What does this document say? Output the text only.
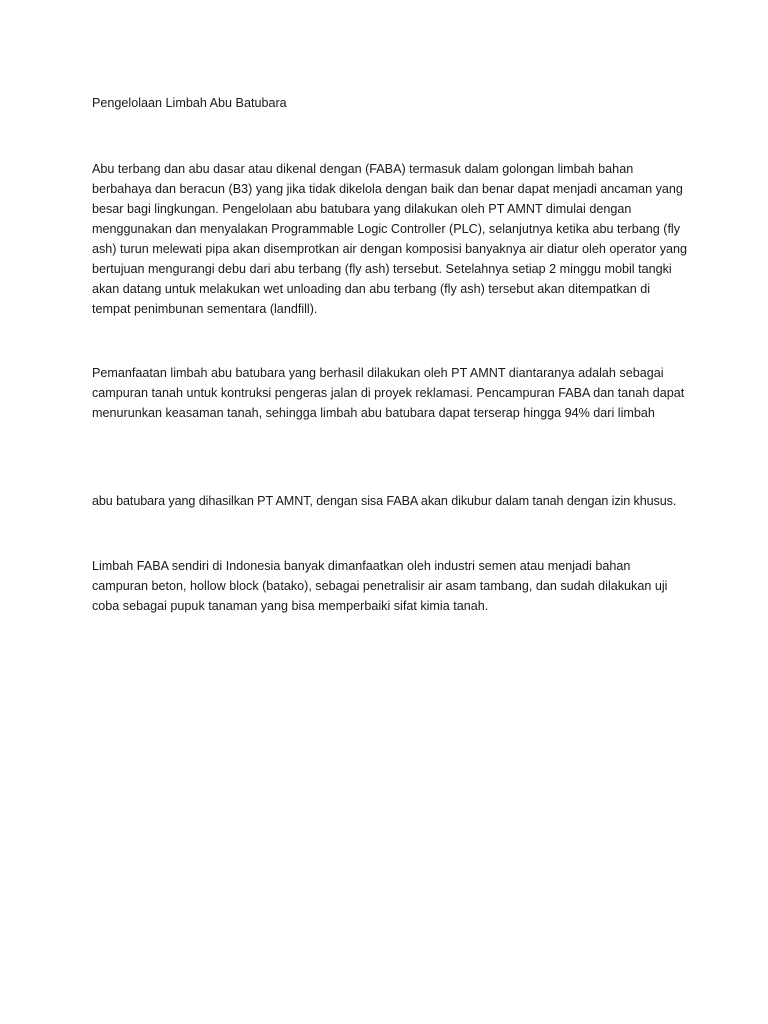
Pengelolaan Limbah Abu Batubara

Abu terbang dan abu dasar atau dikenal dengan (FABA) termasuk dalam golongan limbah bahan berbahaya dan beracun (B3) yang jika tidak dikelola dengan baik dan benar dapat menjadi ancaman yang besar bagi lingkungan. Pengelolaan abu batubara yang dilakukan oleh PT AMNT dimulai dengan menggunakan dan menyalakan Programmable Logic Controller (PLC), selanjutnya ketika abu terbang (fly ash) turun melewati pipa akan disemprotkan air dengan komposisi banyaknya air diatur oleh operator yang bertujuan mengurangi debu dari abu terbang (fly ash) tersebut. Setelahnya setiap 2 minggu mobil tangki akan datang untuk melakukan wet unloading dan abu terbang (fly ash) tersebut akan ditempatkan di tempat penimbunan sementara (landfill).

Pemanfaatan limbah abu batubara yang berhasil dilakukan oleh PT AMNT diantaranya adalah sebagai campuran tanah untuk kontruksi pengeras jalan di proyek reklamasi. Pencampuran FABA dan tanah dapat menurunkan keasaman tanah, sehingga limbah abu batubara dapat terserap hingga 94% dari limbah

abu batubara yang dihasilkan PT AMNT, dengan sisa FABA akan dikubur dalam tanah dengan izin khusus.

Limbah FABA sendiri di Indonesia banyak dimanfaatkan oleh industri semen atau menjadi bahan campuran beton, hollow block (batako), sebagai penetralisir air asam tambang, dan sudah dilakukan uji coba sebagai pupuk tanaman yang bisa memperbaiki sifat kimia tanah.
